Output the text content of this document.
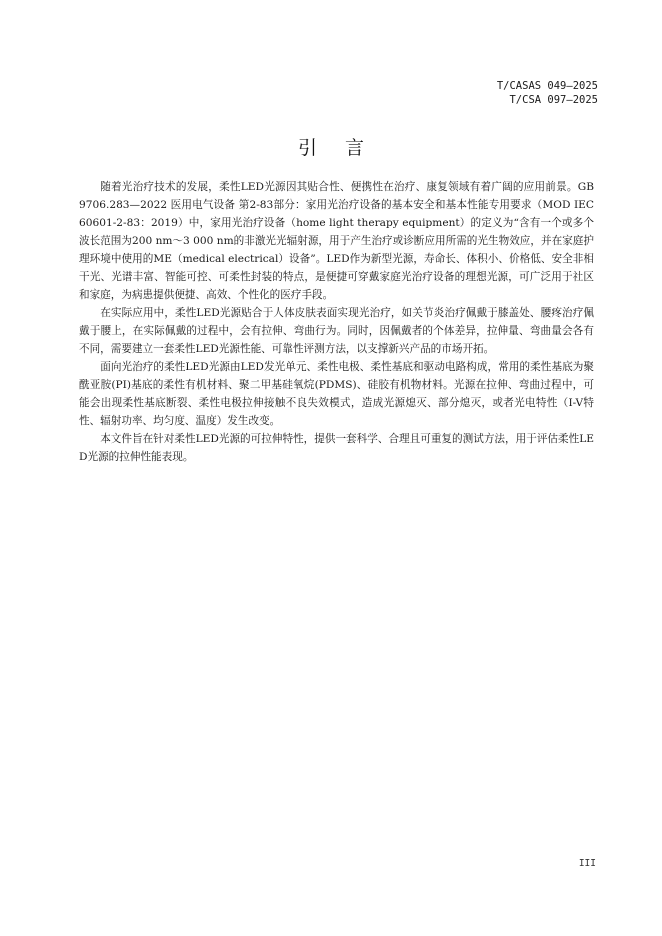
T/CASAS 049—2025
T/CSA 097—2025
引 言

随着光治疗技术的发展，柔性LED光源因其贴合性、便携性在治疗、康复领域有着广阔的应用前景。GB 9706.283—2022 医用电气设备 第2-83部分：家用光治疗设备的基本安全和基本性能专用要求（MOD IEC 60601-2-83：2019）中，家用光治疗设备（home light therapy equipment）的定义为“含有一个或多个波长范围为200 nm～3 000 nm的非激光光辐射源，用于产生治疗或诊断应用所需的光生物效应，并在家庭护理环境中使用的ME（medical electrical）设备”。LED作为新型光源，寿命长、体积小、价格低、安全非相干光、光谱丰富、智能可控、可柔性封装的特点，是便捷可穿戴家庭光治疗设备的理想光源，可广泛用于社区和家庭，为病患提供便捷、高效、个性化的医疗手段。

在实际应用中，柔性LED光源贴合于人体皮肤表面实现光治疗，如关节炎治疗佩戴于膝盖处、腰疼治疗佩戴于腰上，在实际佩戴的过程中，会有拉伸、弯曲行为。同时，因佩戴者的个体差异，拉伸量、弯曲量会各有不同，需要建立一套柔性LED光源性能、可靠性评测方法，以支撑新兴产品的市场开拓。

面向光治疗的柔性LED光源由LED发光单元、柔性电极、柔性基底和驱动电路构成，常用的柔性基底为聚酰亚胺(PI)基底的柔性有机材料、聚二甲基硅氧烷(PDMS)、硅胶有机物材料。光源在拉伸、弯曲过程中，可能会出现柔性基底断裂、柔性电极拉伸接触不良失效模式，造成光源熄灭、部分熄灭，或者光电特性（I-V特性、辐射功率、均匀度、温度）发生改变。

本文件旨在针对柔性LED光源的可拉伸特性，提供一套科学、合理且可重复的测试方法，用于评估柔性LED光源的拉伸性能表现。

III
